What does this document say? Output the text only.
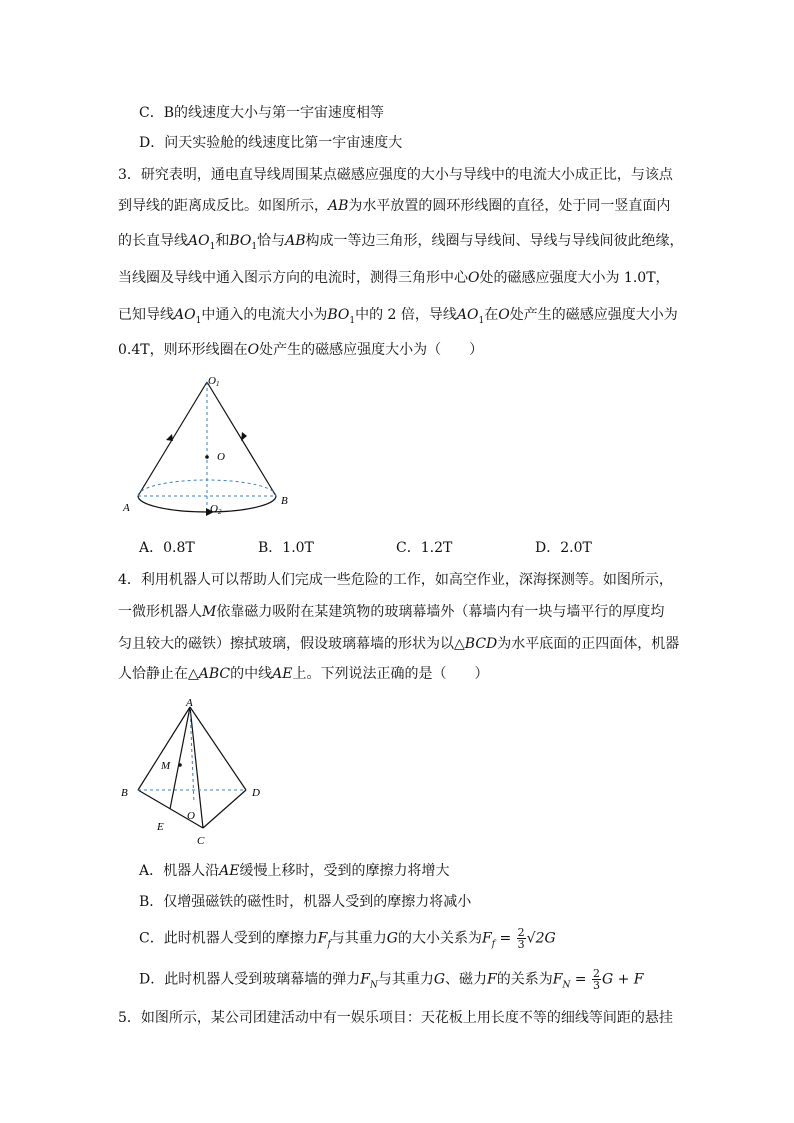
C．B的线速度大小与第一宇宙速度相等
D．问天实验舱的线速度比第一宇宙速度大
3．研究表明，通电直导线周围某点磁感应强度的大小与导线中的电流大小成正比，与该点
到导线的距离成反比。如图所示，AB为水平放置的圆环形线圈的直径，处于同一竖直面内
的长直导线$AO_1$和$BO_1$恰与AB构成一等边三角形，线圈与导线间、导线与导线间彼此绝缘，
当线圈及导线中通入图示方向的电流时，测得三角形中心O处的磁感应强度大小为 1.0T，
已知导线$AO_1$中通入的电流大小为$BO_1$中的 2 倍，导线$AO_1$在O处产生的磁感应强度大小为
0.4T，则环形线圈在O处产生的磁感应强度大小为（　　）
O1
O
A
B
O2
A．0.8T	B．1.0T	C．1.2T	D．2.0T
4．利用机器人可以帮助人们完成一些危险的工作，如高空作业，深海探测等。如图所示，
一微形机器人M依靠磁力吸附在某建筑物的玻璃幕墙外（幕墙内有一块与墙平行的厚度均
匀且较大的磁铁）擦拭玻璃，假设玻璃幕墙的形状为以△BCD为水平底面的正四面体，机器
人恰静止在△ABC的中线AE上。下列说法正确的是（　　）
A
M
B	D
E
O
C
A．机器人沿AE缓慢上移时，受到的摩擦力将增大
B．仅增强磁铁的磁性时，机器人受到的摩擦力将减小
C．此时机器人受到的摩擦力$F_f$与其重力G的大小关系为$F_f = \frac{2}{3} √2G$
D．此时机器人受到玻璃幕墙的弹力$F_N$与其重力G、磁力F的关系为$F_N = \frac{2}{3}$ G + F
5．如图所示，某公司团建活动中有一娱乐项目：天花板上用长度不等的细线等间距的悬挂
